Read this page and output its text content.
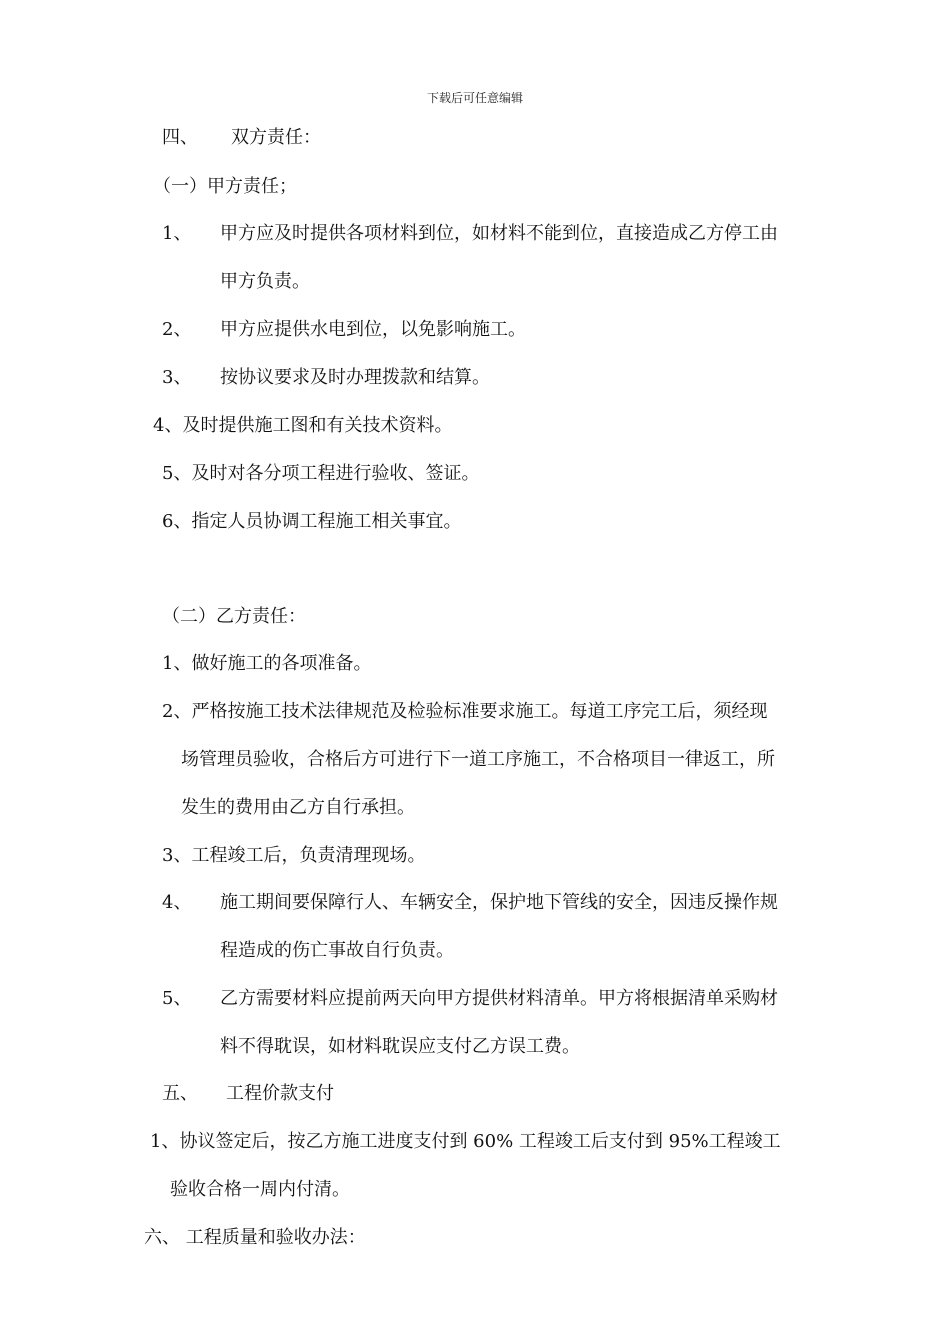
下载后可任意编辑
四、 双方责任：
（一）甲方责任；
1、 甲方应及时提供各项材料到位，如材料不能到位，直接造成乙方停工由
甲方负责。
2、 甲方应提供水电到位，以免影响施工。
3、 按协议要求及时办理拨款和结算。
4、及时提供施工图和有关技术资料。
5、及时对各分项工程进行验收、签证。
6、指定人员协调工程施工相关事宜。
（二）乙方责任：
1、做好施工的各项准备。
2、严格按施工技术法律规范及检验标准要求施工。每道工序完工后，须经现
场管理员验收，合格后方可进行下一道工序施工，不合格项目一律返工，所
发生的费用由乙方自行承担。
3、工程竣工后，负责清理现场。
4、 施工期间要保障行人、车辆安全，保护地下管线的安全，因违反操作规
程造成的伤亡事故自行负责。
5、 乙方需要材料应提前两天向甲方提供材料清单。甲方将根据清单采购材
料不得耽误，如材料耽误应支付乙方误工费。
五、 工程价款支付
1、协议签定后，按乙方施工进度支付到 60% 工程竣工后支付到 95%工程竣工
验收合格一周内付清。
六、 工程质量和验收办法：
